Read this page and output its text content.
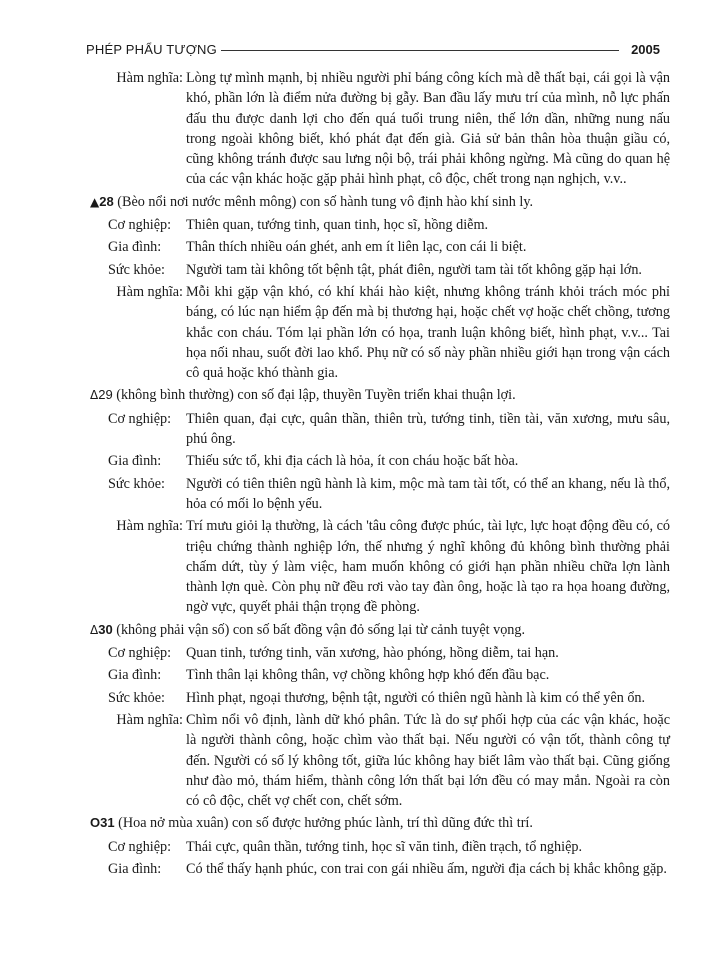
PHÉP PHẨU TƯỢNG	2005
Hàm nghĩa: Lòng tự mình mạnh, bị nhiều người phỉ báng công kích mà dễ thất bại, cái gọi là vận khó, phần lớn là điểm nửa đường bị gẫy. Ban đầu lấy mưu trí của mình, nỗ lực phấn đấu thu được danh lợi cho đến quá tuổi trung niên, thế lớn dần, những nung nấu trong ngoài không biết, khó phát đạt đến già. Giả sử bản thân hòa thuận giầu có, cũng không tránh được sau lưng nội bộ, trái phải không ngừng. Mà cũng do quan hệ của các vận khác hoặc gặp phải hình phạt, cô độc, chết trong nạn nghịch, v.v..
▲28 (Bèo nổi nơi nước mênh mông) con số hành tung vô định hào khí sinh ly.
Cơ nghiệp:	Thiên quan, tướng tinh, quan tinh, học sĩ, hồng diễm.
Gia đình:	Thân thích nhiều oán ghét, anh em ít liên lạc, con cái li biệt.
Sức khỏe:	Người tam tài không tốt bệnh tật, phát điên, người tam tài tốt không gặp hại lớn.
Hàm nghĩa: Mỗi khi gặp vận khó, có khí khái hào kiệt, nhưng không tránh khỏi trách móc phỉ báng, có lúc nạn hiểm ập đến mà bị thương hại, hoặc chết vợ hoặc chết chồng, tương khắc con cháu. Tóm lại phần lớn có họa, tranh luận không biết, hình phạt, v.v... Tai họa nối nhau, suốt đời lao khổ. Phụ nữ có số này phần nhiều giới hạn trong vận cách cô quả hoặc khó thành gia.
Δ29 (không bình thường) con số đại lập, thuyền Tuyền triển khai thuận lợi.
Cơ nghiệp:	Thiên quan, đại cực, quân thần, thiên trù, tướng tinh, tiền tài, văn xương, mưu sâu, phú ông.
Gia đình:	Thiếu sức tổ, khi địa cách là hỏa, ít con cháu hoặc bất hòa.
Sức khỏe:	Người có tiên thiên ngũ hành là kim, mộc mà tam tài tốt, có thể an khang, nếu là thổ, hỏa có mối lo bệnh yếu.
Hàm nghĩa: Trí mưu giỏi lạ thường, là cách 'tâu công được phúc, tài lực, lực hoạt động đều có, có triệu chứng thành nghiệp lớn, thế nhưng ý nghĩ không đủ không bình thường phải chấm dứt, tùy ý làm việc, ham muốn không có giới hạn phần nhiều chữa lợn lành thành lợn què. Còn phụ nữ đều rơi vào tay đàn ông, hoặc là tạo ra họa hoang đường, ngờ vực, quyết phải thận trọng đề phòng.
Δ30 (không phải vận số) con số bất đồng vận đỏ sống lại từ cảnh tuyệt vọng.
Cơ nghiệp:	Quan tinh, tướng tinh, văn xương, hào phóng, hồng diễm, tai hạn.
Gia đình:	Tình thân lại không thân, vợ chồng không hợp khó đến đầu bạc.
Sức khỏe:	Hình phạt, ngoại thương, bệnh tật, người có thiên ngũ hành là kim có thể yên ổn.
Hàm nghĩa: Chìm nổi vô định, lành dữ khó phân. Tức là do sự phối hợp của các vận khác, hoặc là người thành công, hoặc chìm vào thất bại. Nếu người có vận tốt, thành công tự đến. Người có số lý không tốt, giữa lúc không hay biết lâm vào thất bại. Cũng giống như đào mỏ, thám hiểm, thành công lớn thất bại lớn đều có may mắn. Ngoài ra còn có cô độc, chết vợ chết con, chết sớm.
O31 (Hoa nở mùa xuân) con số được hưởng phúc lành, trí thì dũng đức thì trí.
Cơ nghiệp:	Thái cực, quân thần, tướng tinh, học sĩ văn tinh, điền trạch, tổ nghiệp.
Gia đình:	Có thể thấy hạnh phúc, con trai con gái nhiều ấm, người địa cách bị khắc không gặp.
